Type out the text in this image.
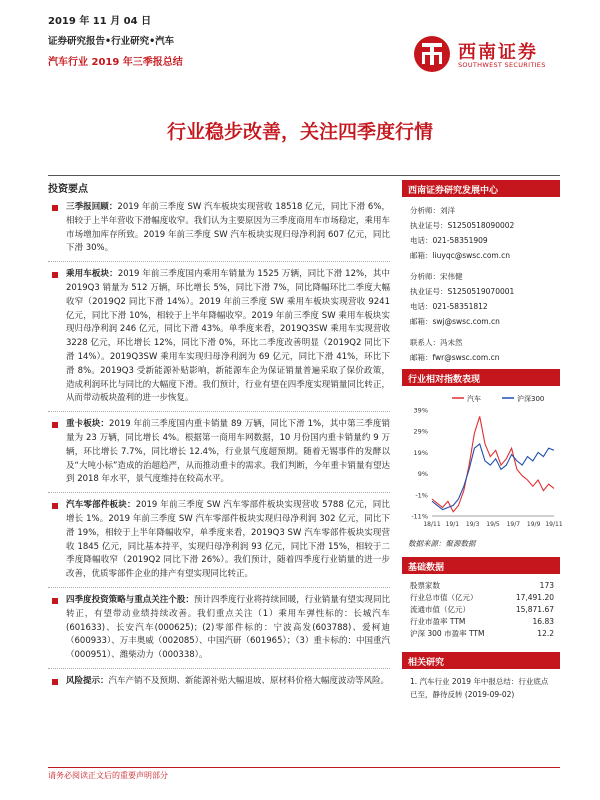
2019 年 11 月 04 日
证券研究报告•行业研究•汽车
汽车行业 2019 年三季报总结	西南证券
SOUTHWEST SECURITIES
行业稳步改善，关注四季度行情
投资要点
三季报回顾：2019 年前三季度 SW 汽车板块实现营收 18518 亿元，同比下滑 6%，相较于上半年营收下滑幅度收窄。我们认为主要原因为三季度商用车市场稳定，乘用车市场增加库存所致。2019 年前三季度 SW 汽车板块实现归母净利润 607 亿元，同比下滑 30%。
乘用车板块：2019 年前三季度国内乘用车销量为 1525 万辆，同比下滑 12%，其中 2019Q3 销量为 512 万辆，环比增长 5%，同比下滑 7%，同比降幅环比二季度大幅收窄（2019Q2 同比下滑 14%）。2019 年前三季度 SW 乘用车板块实现营收 9241 亿元，同比下滑 10%，相较于上半年降幅收窄。2019 年前三季度 SW 乘用车板块实现归母净利润 246 亿元，同比下滑 43%。单季度来看，2019Q3SW 乘用车实现营收 3228 亿元，环比增长 12%，同比下滑 0%，环比二季度改善明显（2019Q2 同比下滑 14%）。2019Q3SW 乘用车实现归母净利润为 69 亿元，同比下滑 41%，环比下滑 8%。2019Q3 受新能源补贴影响，新能源车企为保证销量普遍采取了保价政策，造成利润环比与同比的大幅度下滑。我们预计，行业有望在四季度实现销量同比转正，从而带动板块盈利的进一步恢复。
重卡板块：2019 年前三季度国内重卡销量 89 万辆，同比下滑 1%，其中第三季度销量为 23 万辆，同比增长 4%。根据第一商用车网数据，10 月份国内重卡销量约 9 万辆，环比增长 7.7%，同比增长 12.4%，行业景气度超预期。随着无锡事件的发酵以及“大吨小标”造成的治超趋严，从而推动重卡的需求。我们判断，今年重卡销量有望达到 2018 年水平，景气度维持在较高水平。
汽车零部件板块：2019 年前三季度 SW 汽车零部件板块实现营收 5788 亿元，同比增长 1%。2019 年前三季度 SW 汽车零部件板块实现归母净利润 302 亿元，同比下滑 19%，相较于上半年降幅收窄，单季度来看，2019Q3 SW 汽车零部件板块实现营收 1845 亿元，同比基本持平，实现归母净利润 93 亿元，同比下滑 15%，相较于二季度降幅收窄（2019Q2 同比下滑 26%）。我们预计，随着四季度行业销量的进一步改善，优质零部件企业的排产有望实现同比转正。
四季度投资策略与重点关注个股：预计四季度行业将持续回暖，行业销量有望实现同比转正，有望带动业绩持续改善。我们重点关注（1）乘用车弹性标的：长城汽车(601633)、长安汽车(000625)；(2)零部件标的：宁波高发(603788)、爱柯迪（600933）、万丰奥威（002085）、中国汽研（601965）；（3）重卡标的：中国重汽（000951）、潍柴动力（000338）。
风险提示：汽车产销不及预期、新能源补贴大幅退坡、原材料价格大幅度波动等风险。
西南证券研究发展中心
分析师：刘洋
执业证号：S1250518090002
电话：021-58351909
邮箱：liuyqc@swsc.com.cn
分析师：宋伟健
执业证号：S1250519070001
电话：021-58351812
邮箱：swj@swsc.com.cn
联系人：冯未然
邮箱：fwr@swsc.com.cn
行业相对指数表现
汽车	沪深300
39%
29%
19%
9%
-1%
-11%
18/11 19/1 19/3 19/5 19/7 19/9 19/11
数据来源：聚源数据
基础数据
股票家数	173
行业总市值（亿元）	17,491.20
流通市值（亿元）	15,871.67
行业市盈率 TTM	16.83
沪深 300 市盈率 TTM	12.2
相关研究
1. 汽车行业 2019 年中报总结：行业底点已至，静待反转 (2019-09-02)
请务必阅读正文后的重要声明部分
